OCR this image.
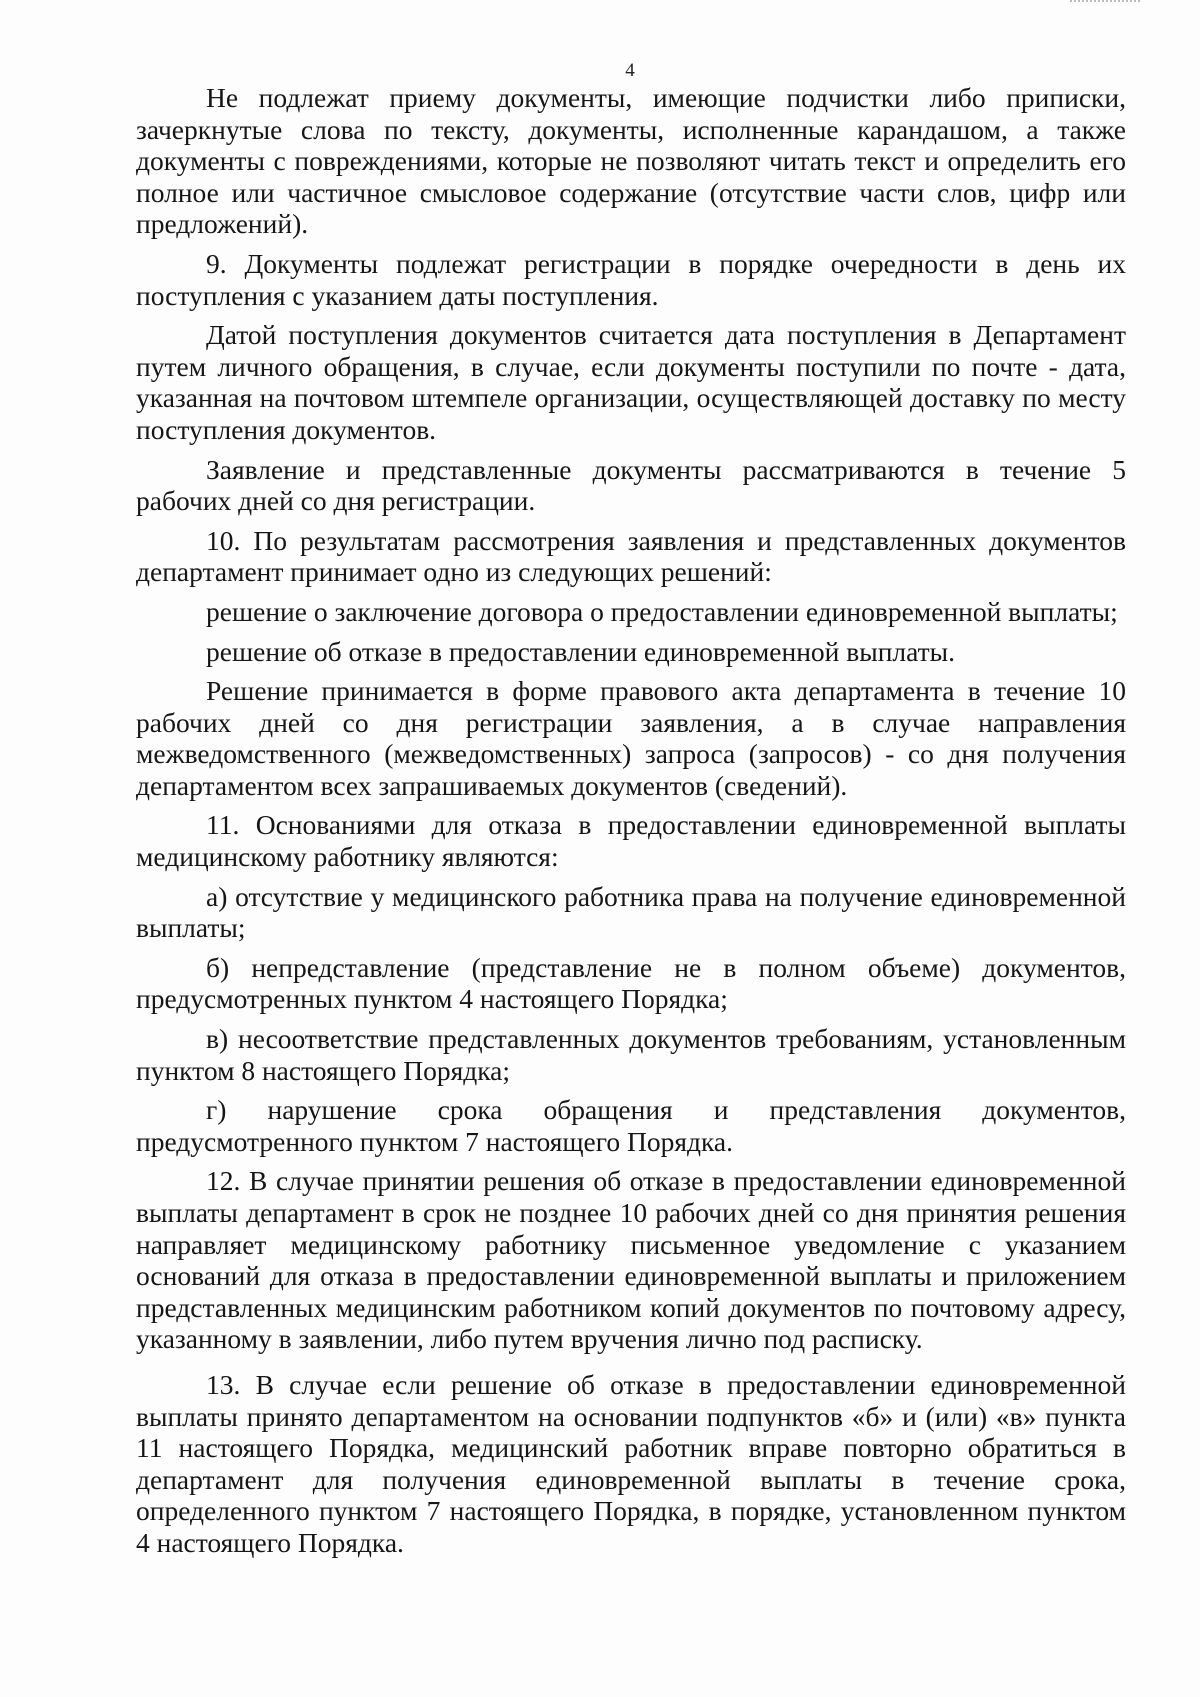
4

Не подлежат приему документы, имеющие подчистки либо приписки, зачеркнутые слова по тексту, документы, исполненные карандашом, а также документы с повреждениями, которые не позволяют читать текст и определить его полное или частичное смысловое содержание (отсутствие части слов, цифр или предложений).

9. Документы подлежат регистрации в порядке очередности в день их поступления с указанием даты поступления.

Датой поступления документов считается дата поступления в Департамент путем личного обращения, в случае, если документы поступили по почте - дата, указанная на почтовом штемпеле организации, осуществляющей доставку по месту поступления документов.

Заявление и представленные документы рассматриваются в течение 5 рабочих дней со дня регистрации.

10. По результатам рассмотрения заявления и представленных документов департамент принимает одно из следующих решений:

решение о заключение договора о предоставлении единовременной выплаты;

решение об отказе в предоставлении единовременной выплаты.

Решение принимается в форме правового акта департамента в течение 10 рабочих дней со дня регистрации заявления, а в случае направления межведомственного (межведомственных) запроса (запросов) - со дня получения департаментом всех запрашиваемых документов (сведений).

11. Основаниями для отказа в предоставлении единовременной выплаты медицинскому работнику являются:

а) отсутствие у медицинского работника права на получение единовременной выплаты;

б) непредставление (представление не в полном объеме) документов, предусмотренных пунктом 4 настоящего Порядка;

в) несоответствие представленных документов требованиям, установленным пунктом 8 настоящего Порядка;

г) нарушение срока обращения и представления документов, предусмотренного пунктом 7 настоящего Порядка.

12. В случае принятии решения об отказе в предоставлении единовременной выплаты департамент в срок не позднее 10 рабочих дней со дня принятия решения направляет медицинскому работнику письменное уведомление с указанием оснований для отказа в предоставлении единовременной выплаты и приложением представленных медицинским работником копий документов по почтовому адресу, указанному в заявлении, либо путем вручения лично под расписку.

13. В случае если решение об отказе в предоставлении единовременной выплаты принято департаментом на основании подпунктов «б» и (или) «в» пункта 11 настоящего Порядка, медицинский работник вправе повторно обратиться в департамент для получения единовременной выплаты в течение срока, определенного пунктом 7 настоящего Порядка, в порядке, установленном пунктом 4 настоящего Порядка.
